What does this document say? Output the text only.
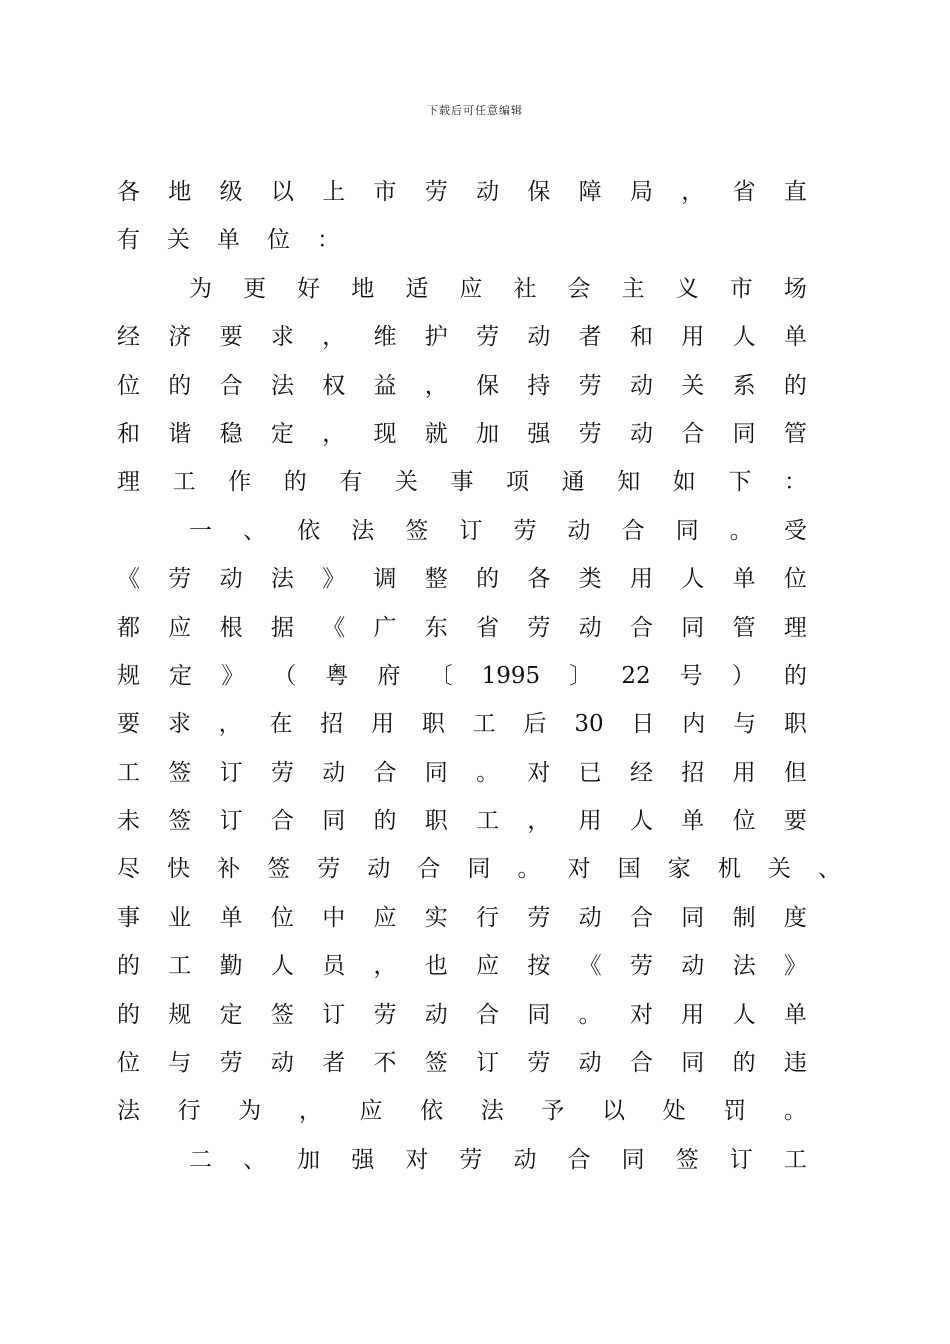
下载后可任意编辑
各 地 级 以 上 市 劳 动 保 障 局 ， 省 直
有 关 单 位 ：
为 更 好 地 适 应 社 会 主 义 市 场
经 济 要 求 ， 维 护 劳 动 者 和 用 人 单
位 的 合 法 权 益 ， 保 持 劳 动 关 系 的
和 谐 稳 定 ， 现 就 加 强 劳 动 合 同 管
理 工 作 的 有 关 事 项 通 知 如 下 ：
一 、 依 法 签 订 劳 动 合 同 。 受
《 劳 动 法 》 调 整 的 各 类 用 人 单 位
都 应 根 据 《 广 东 省 劳 动 合 同 管 理
规 定 》 （ 粤 府 〔 1995 〕 22 号 ） 的
要 求 ， 在 招 用 职 工 后 30 日 内 与 职
工 签 订 劳 动 合 同 。 对 已 经 招 用 但
未 签 订 合 同 的 职 工 ， 用 人 单 位 要
尽 快 补 签 劳 动 合 同 。 对 国 家 机 关 、
事 业 单 位 中 应 实 行 劳 动 合 同 制 度
的 工 勤 人 员 ， 也 应 按 《 劳 动 法 》
的 规 定 签 订 劳 动 合 同 。 对 用 人 单
位 与 劳 动 者 不 签 订 劳 动 合 同 的 违
法 行 为 ， 应 依 法 予 以 处 罚 。
二 、 加 强 对 劳 动 合 同 签 订 工
